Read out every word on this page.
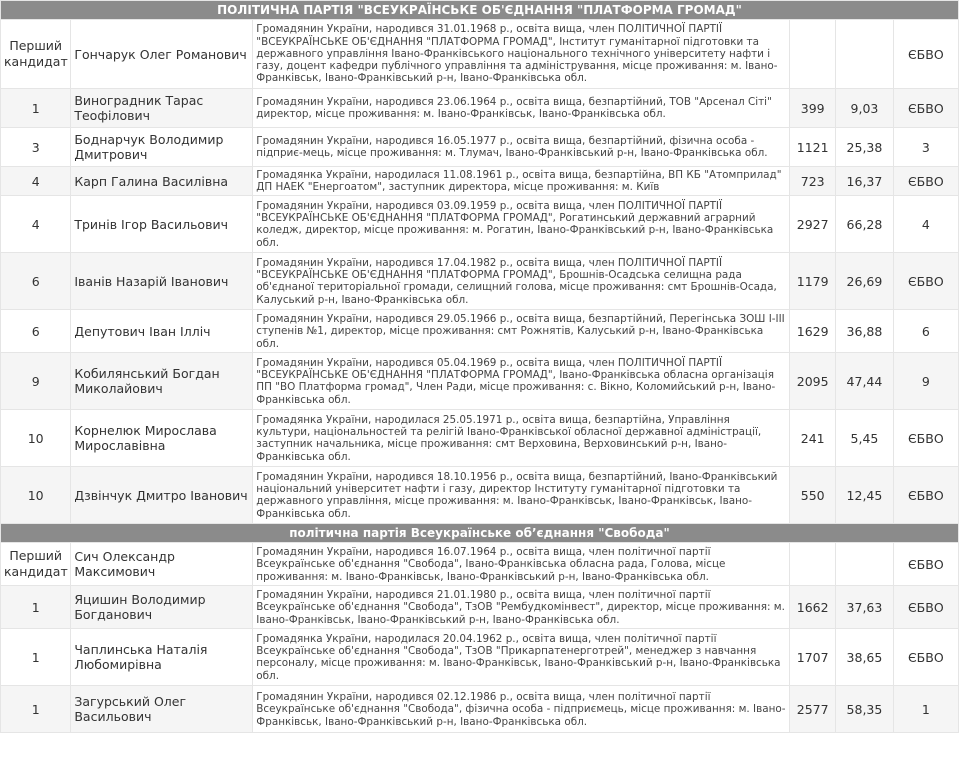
ПОЛІТИЧНА ПАРТІЯ "ВСЕУКРАЇНСЬКЕ ОБ'ЄДНАННЯ "ПЛАТФОРМА ГРОМАД"					
Перший кандидат	Гончарук Олег Романович	Громадянин України, народився 31.01.1968 р., освіта вища, член ПОЛІТИЧНОЇ ПАРТІЇ "ВСЕУКРАЇНСЬКЕ ОБ'ЄДНАННЯ "ПЛАТФОРМА ГРОМАД", Інститут гуманітарної підготовки та державного управління Івано-Франківського національного технічного університету нафти і газу, доцент кафедри публічного управління та адміністрування, місце проживання: м. Івано-Франківськ, Івано-Франківський р-н, Івано-Франківська обл.			ЄБВО
1	Виноградник Тарас Теофілович	Громадянин України, народився 23.06.1964 р., освіта вища, безпартійний, ТОВ "Арсенал Сіті" директор, місце проживання: м. Івано-Франківськ, Івано-Франківська обл.	399	9,03	ЄБВО
3	Боднарчук Володимир Дмитрович	Громадянин України, народився 16.05.1977 р., освіта вища, безпартійний, фізична особа - підприє-мець, місце проживання: м. Тлумач, Івано-Франківський р-н, Івано-Франківська обл.	1121	25,38	3
4	Карп Галина Василівна	Громадянка України, народилася 11.08.1961 р., освіта вища, безпартійна, ВП КБ "Атомприлад" ДП НАЕК "Енергоатом", заступник директора, місце проживання: м. Київ	723	16,37	ЄБВО
4	Тринів Ігор Васильович	Громадянин України, народився 03.09.1959 р., освіта вища, член ПОЛІТИЧНОЇ ПАРТІЇ "ВСЕУКРАЇНСЬКЕ ОБ'ЄДНАННЯ "ПЛАТФОРМА ГРОМАД", Рогатинський державний аграрний коледж, директор, місце проживання: м. Рогатин, Івано-Франківський р-н, Івано-Франківська обл.	2927	66,28	4
6	Іванів Назарій Іванович	Громадянин України, народився 17.04.1982 р., освіта вища, член ПОЛІТИЧНОЇ ПАРТІЇ "ВСЕУКРАЇНСЬКЕ ОБ'ЄДНАННЯ "ПЛАТФОРМА ГРОМАД", Брошнів-Осадська селищна рада об'єднаної територіальної громади, селищний голова, місце проживання: смт Брошнів-Осада, Калуський р-н, Івано-Франківська обл.	1179	26,69	ЄБВО
6	Депутович Іван Ілліч	Громадянин України, народився 29.05.1966 р., освіта вища, безпартійний, Перегінська ЗОШ І-ІІІ ступенів №1, директор, місце проживання: смт Рожнятів, Калуський р-н, Івано-Франківська обл.	1629	36,88	6
9	Кобилянський Богдан Миколайович	Громадянин України, народився 05.04.1969 р., освіта вища, член ПОЛІТИЧНОЇ ПАРТІЇ "ВСЕУКРАЇНСЬКЕ ОБ'ЄДНАННЯ "ПЛАТФОРМА ГРОМАД", Івано-Франківська обласна організація ПП "ВО Платформа громад", Член Ради, місце проживання: с. Вікно, Коломийський р-н, Івано-Франківська обл.	2095	47,44	9
10	Корнелюк Мирослава Мирославівна	Громадянка України, народилася 25.05.1971 р., освіта вища, безпартійна, Управління культури, національностей та релігій Івано-Франківської обласної державної адміністрації, заступник начальника, місце проживання: смт Верховина, Верховинський р-н, Івано-Франківська обл.	241	5,45	ЄБВО
10	Дзвінчук Дмитро Іванович	Громадянин України, народився 18.10.1956 р., освіта вища, безпартійний, Івано-Франківський національний університет нафти і газу, директор Інституту гуманітарної підготовки та державного управління, місце проживання: м. Івано-Франківськ, Івано-Франківськ, Івано-Франківська обл.	550	12,45	ЄБВО
політична партія Всеукраїнське об’єднання "Свобода"					
Перший кандидат	Сич Олександр Максимович	Громадянин України, народився 16.07.1964 р., освіта вища, член політичної партії Всеукраїнське об'єднання "Свобода", Івано-Франківська обласна рада, Голова, місце проживання: м. Івано-Франківськ, Івано-Франківський р-н, Івано-Франківська обл.			ЄБВО
1	Яцишин Володимир Богданович	Громадянин України, народився 21.01.1980 р., освіта вища, член політичної партії Всеукраїнське об'єднання "Свобода", ТзОВ "Рембудкомінвест", директор, місце проживання: м. Івано-Франківськ, Івано-Франківський р-н, Івано-Франківська обл.	1662	37,63	ЄБВО
1	Чаплинська Наталія Любомирівна	Громадянка України, народилася 20.04.1962 р., освіта вища, член політичної партії Всеукраїнське об'єднання "Свобода", ТзОВ "Прикарпатенерготрей", менеджер з навчання персоналу, місце проживання: м. Івано-Франківськ, Івано-Франківський р-н, Івано-Франківська обл.	1707	38,65	ЄБВО
1	Загурський Олег Васильович	Громадянин України, народився 02.12.1986 р., освіта вища, член політичної партії Всеукраїнське об'єднання "Свобода", фізична особа - підприємець, місце проживання: м. Івано-Франківськ, Івано-Франківський р-н, Івано-Франківська обл.	2577	58,35	1
